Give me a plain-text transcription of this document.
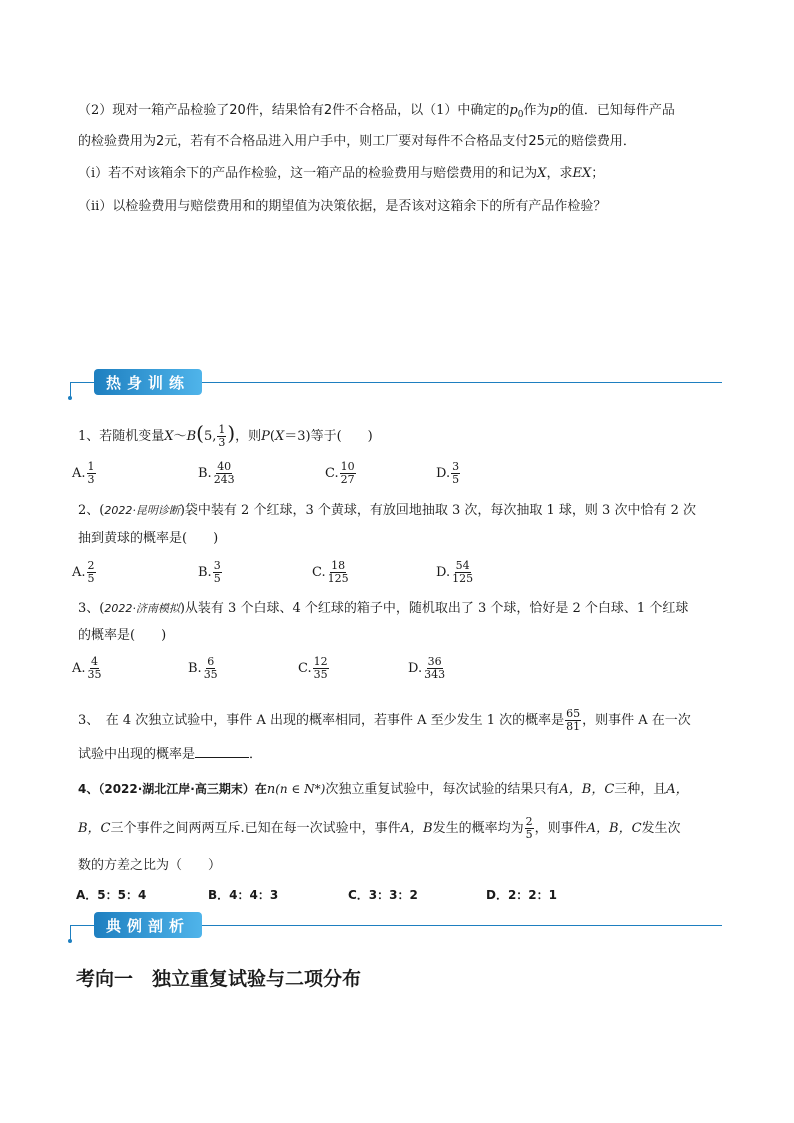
（2）现对一箱产品检验了20件，结果恰有2件不合格品，以（1）中确定的$p_0$作为p的值．已知每件产品
的检验费用为2元，若有不合格品进入用户手中，则工厂要对每件不合格品支付25元的赔偿费用．
（i）若不对该箱余下的产品作检验，这一箱产品的检验费用与赔偿费用的和记为X，求EX；
（ii）以检验费用与赔偿费用和的期望值为决策依据，是否该对这箱余下的所有产品作检验？
热身训练
1、若随机变量X～B(5, $\frac{1}{3}$ )，则P(X＝3)等于(　　)
A. $\frac{1}{3}$	B. $\frac{40}{243}$	C. $\frac{10}{27}$	D. $\frac{3}{5}$
2、(2022·昆明诊断)袋中装有 2 个红球，3 个黄球，有放回地抽取 3 次，每次抽取 1 球，则 3 次中恰有 2 次
抽到黄球的概率是(　　)
A. $\frac{2}{5}$	B. $\frac{3}{5}$	C. $\frac{18}{125}$	D. $\frac{54}{125}$
3、(2022·济南模拟)从装有 3 个白球、4 个红球的箱子中，随机取出了 3 个球，恰好是 2 个白球、1 个红球
的概率是(　　)
A. $\frac{4}{35}$	B. $\frac{6}{35}$	C. $\frac{12}{35}$	D. $\frac{36}{343}$
3、　在 4 次独立试验中，事件 A 出现的概率相同，若事件 A 至少发生 1 次的概率是 $\frac{65}{81}$ ，则事件 A 在一次
试验中出现的概率是	．
4、（2022·湖北江岸·高三期末）在n(n ∈ N*)次独立重复试验中，每次试验的结果只有A，B，C三种，且A，
B，C三个事件之间两两互斥.已知在每一次试验中，事件A，B发生的概率均为 $\frac{2}{5}$ ，则事件A，B，C发生次
数的方差之比为（　　）
A．5：5：4	B．4：4：3	C．3：3：2	D．2：2：1
典例剖析
考向一　独立重复试验与二项分布
